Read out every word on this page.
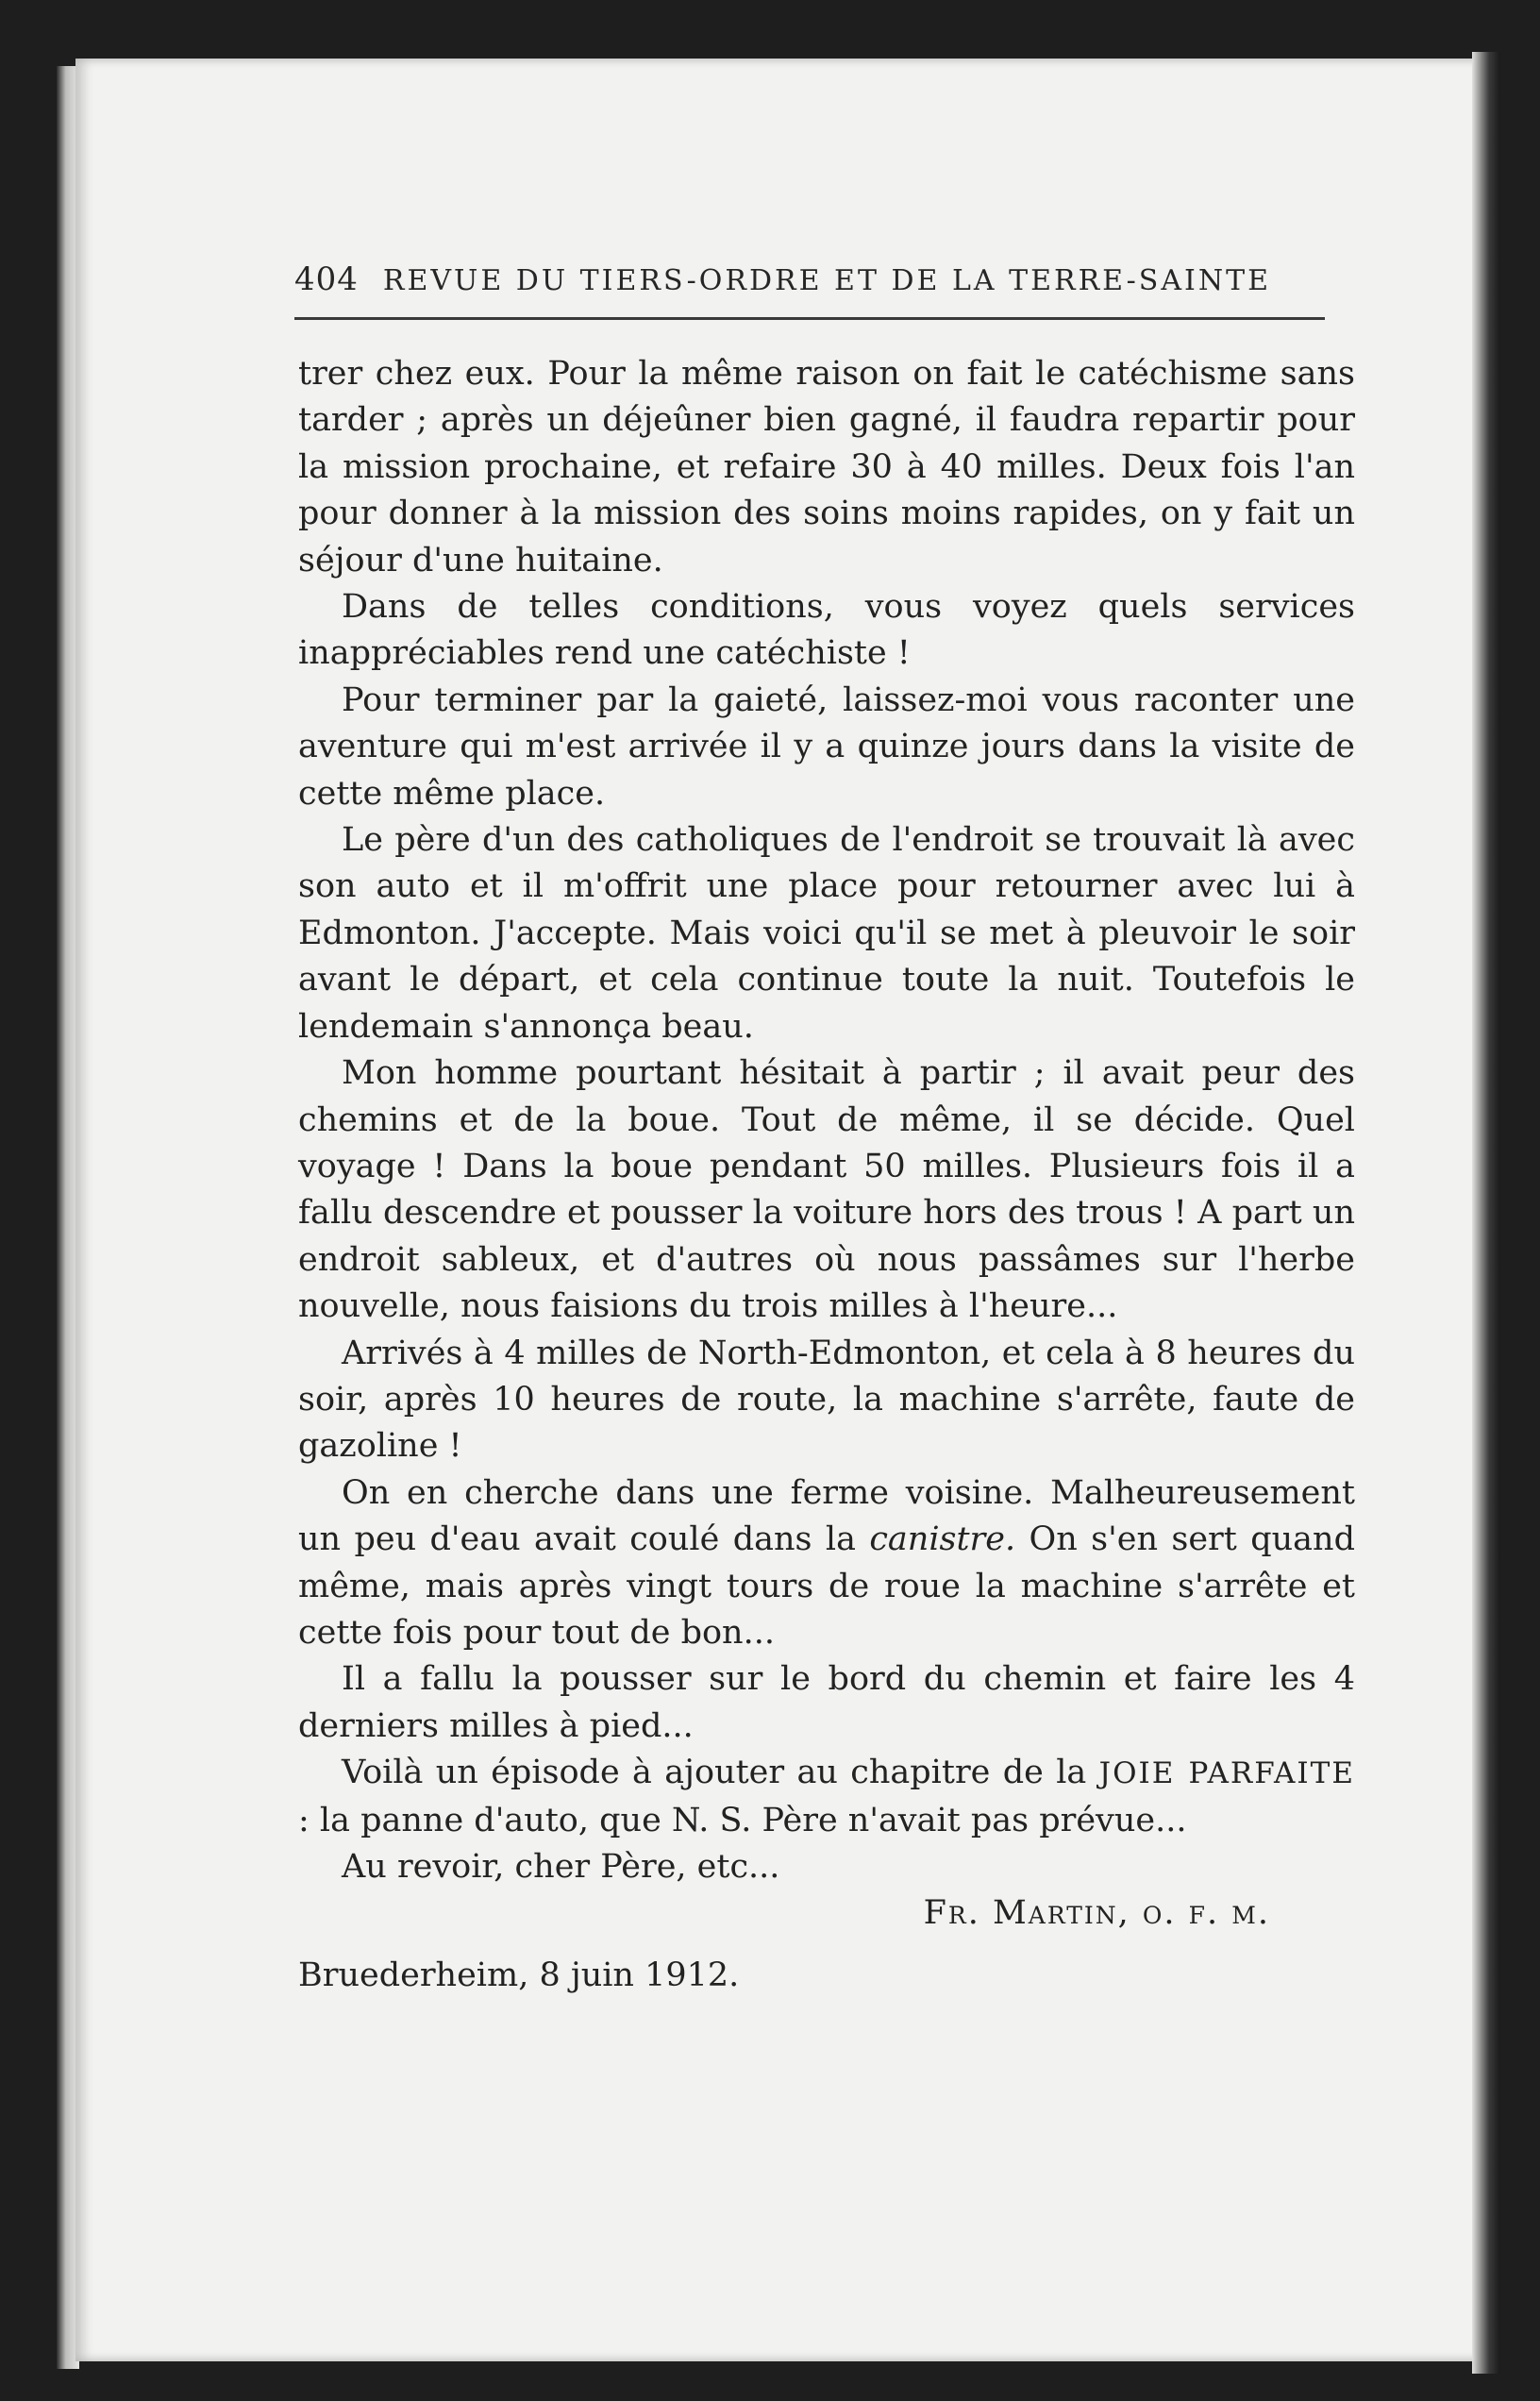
404 REVUE DU TIERS-ORDRE ET DE LA TERRE-SAINTE

trer chez eux. Pour la même raison on fait le catéchisme sans tarder ; après un déjeûner bien gagné, il faudra repartir pour la mission prochaine, et refaire 30 à 40 milles. Deux fois l'an pour donner à la mission des soins moins rapides, on y fait un séjour d'une huitaine.

Dans de telles conditions, vous voyez quels services inappréciables rend une catéchiste !

Pour terminer par la gaieté, laissez-moi vous raconter une aventure qui m'est arrivée il y a quinze jours dans la visite de cette même place.

Le père d'un des catholiques de l'endroit se trouvait là avec son auto et il m'offrit une place pour retourner avec lui à Edmonton. J'accepte. Mais voici qu'il se met à pleuvoir le soir avant le départ, et cela continue toute la nuit. Toutefois le lendemain s'annonça beau.

Mon homme pourtant hésitait à partir ; il avait peur des chemins et de la boue. Tout de même, il se décide. Quel voyage ! Dans la boue pendant 50 milles. Plusieurs fois il a fallu descendre et pousser la voiture hors des trous ! A part un endroit sableux, et d'autres où nous passâmes sur l'herbe nouvelle, nous faisions du trois milles à l'heure...

Arrivés à 4 milles de North-Edmonton, et cela à 8 heures du soir, après 10 heures de route, la machine s'arrête, faute de gazoline !

On en cherche dans une ferme voisine. Malheureusement un peu d'eau avait coulé dans la canistre. On s'en sert quand même, mais après vingt tours de roue la machine s'arrête et cette fois pour tout de bon...

Il a fallu la pousser sur le bord du chemin et faire les 4 derniers milles à pied...

Voilà un épisode à ajouter au chapitre de la JOIE PARFAITE : la panne d'auto, que N. S. Père n'avait pas prévue...

Au revoir, cher Père, etc...

Fr. Martin, o. f. m.

Bruederheim, 8 juin 1912.
